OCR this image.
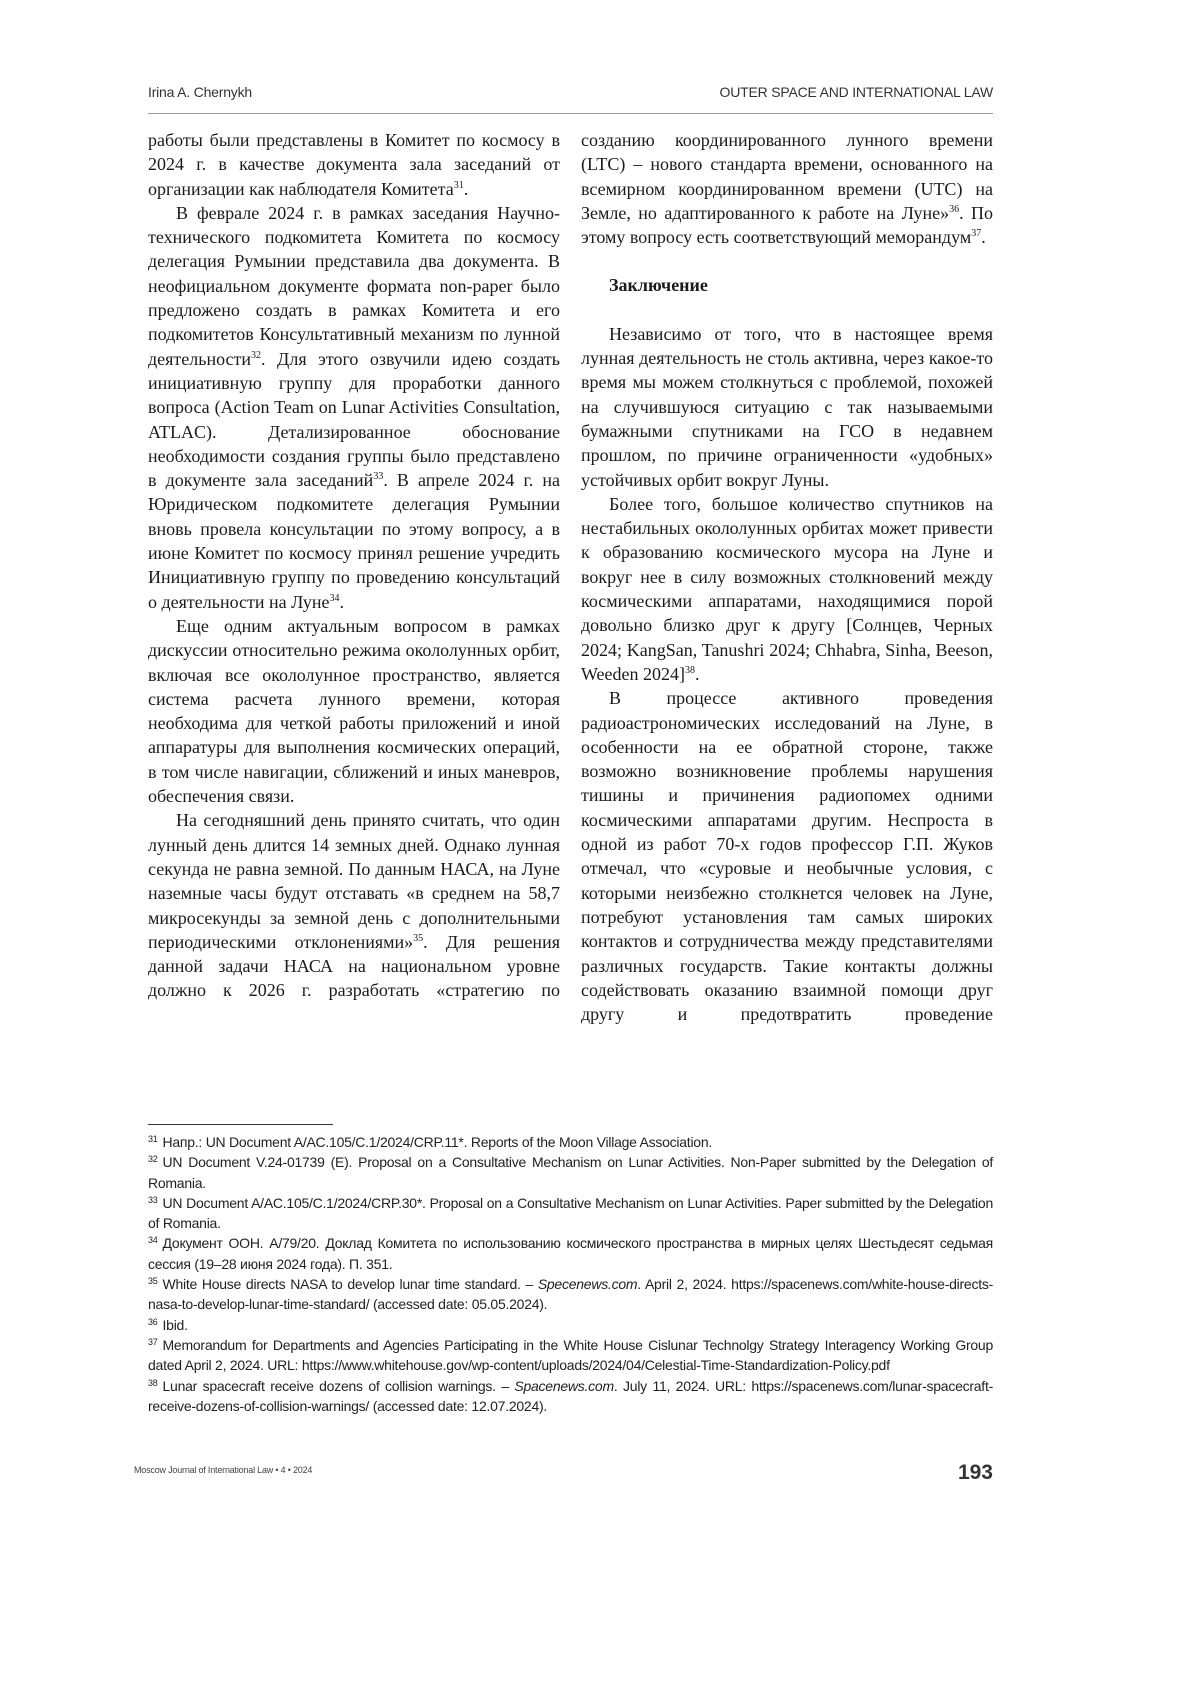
Irina A. Chernykh	OUTER SPACE AND INTERNATIONAL LAW

работы были представлены в Комитет по космосу в 2024 г. в качестве документа зала заседаний от организации как наблюдателя Комитета31.

В феврале 2024 г. в рамках заседания Научно-технического подкомитета Комитета по космосу делегация Румынии представила два документа. В неофициальном документе формата non-paper было предложено создать в рамках Комитета и его подкомитетов Консультативный механизм по лунной деятельности32. Для этого озвучили идею создать инициативную группу для проработки данного вопроса (Action Team on Lunar Activities Consultation, ATLAC). Детализированное обоснование необходимости создания группы было представлено в документе зала заседаний33. В апреле 2024 г. на Юридическом подкомитете делегация Румынии вновь провела консультации по этому вопросу, а в июне Комитет по космосу принял решение учредить Инициативную группу по проведению консультаций о деятельности на Луне34.

Еще одним актуальным вопросом в рамках дискуссии относительно режима окололунных орбит, включая все окололунное пространство, является система расчета лунного времени, которая необходима для четкой работы приложений и иной аппаратуры для выполнения космических операций, в том числе навигации, сближений и иных маневров, обеспечения связи.

На сегодняшний день принято считать, что один лунный день длится 14 земных дней. Однако лунная секунда не равна земной. По данным НАСА, на Луне наземные часы будут отставать «в среднем на 58,7 микросекунды за земной день с дополнительными периодическими отклонениями»35. Для решения данной задачи НАСА на национальном уровне должно к 2026 г. разработать «стратегию по

созданию координированного лунного времени (LTC) – нового стандарта времени, основанного на всемирном координированном времени (UTC) на Земле, но адаптированного к работе на Луне»36. По этому вопросу есть соответствующий меморандум37.

Заключение

Независимо от того, что в настоящее время лунная деятельность не столь активна, через какое-то время мы можем столкнуться с проблемой, похожей на случившуюся ситуацию с так называемыми бумажными спутниками на ГСО в недавнем прошлом, по причине ограниченности «удобных» устойчивых орбит вокруг Луны.

Более того, большое количество спутников на нестабильных окололунных орбитах может привести к образованию космического мусора на Луне и вокруг нее в силу возможных столкновений между космическими аппаратами, находящимися порой довольно близко друг к другу [Солнцев, Черных 2024; KangSan, Tanushri 2024; Chhabra, Sinha, Beeson, Weeden 2024]38.

В процессе активного проведения радиоастрономических исследований на Луне, в особенности на ее обратной стороне, также возможно возникновение проблемы нарушения тишины и причинения радиопомех одними космическими аппаратами другим. Неспроста в одной из работ 70-х годов профессор Г.П. Жуков отмечал, что «суровые и необычные условия, с которыми неизбежно столкнется человек на Луне, потребуют установления там самых широких контактов и сотрудничества между представителями различных государств. Такие контакты должны содействовать оказанию взаимной помощи друг другу и предотвратить проведение

31 Напр.: UN Document A/AC.105/C.1/2024/CRP.11*. Reports of the Moon Village Association.

32 UN Document V.24-01739 (E). Proposal on a Consultative Mechanism on Lunar Activities. Non-Paper submitted by the Delegation of Romania.

33 UN Document A/AC.105/C.1/2024/CRP.30*. Proposal on a Consultative Mechanism on Lunar Activities. Paper submitted by the Delegation of Romania.

34 Документ ООН. А/79/20. Доклад Комитета по использованию космического пространства в мирных целях Шестьдесят седьмая сессия (19–28 июня 2024 года). П. 351.

35 White House directs NASA to develop lunar time standard. – Specenews.com. April 2, 2024. https://spacenews.com/white-house-directs-nasa-to-develop-lunar-time-standard/ (accessed date: 05.05.2024).

36 Ibid.

37 Memorandum for Departments and Agencies Participating in the White House Cislunar Technolgy Strategy Interagency Working Group dated April 2, 2024. URL: https://www.whitehouse.gov/wp-content/uploads/2024/04/Celestial-Time-Standardization-Policy.pdf

38 Lunar spacecraft receive dozens of collision warnings. – Spacenews.com. July 11, 2024. URL: https://spacenews.com/lunar-spacecraft-receive-dozens-of-collision-warnings/ (accessed date: 12.07.2024).

Moscow Journal of International Law • 4 • 2024	193
